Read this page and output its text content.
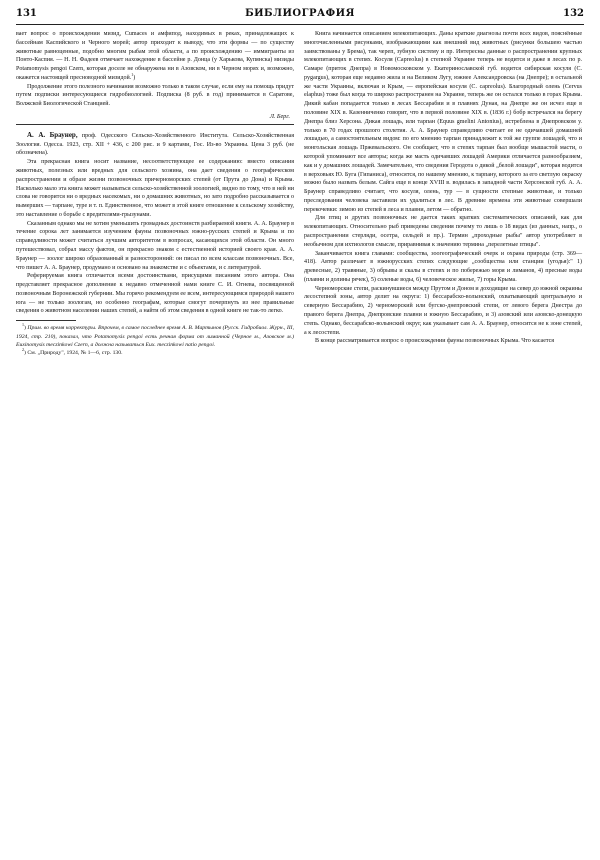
131	БИБЛИОГРАФИЯ	132

вает вопрос о происхождении мизид, Cumaces и амфипод, находимых в реках, принадлежащих к бассейнам Каспийского и Черного морей; автор приходит к выводу, что эти формы — по существу животные равноценные, подобно многим рыбам этой области, а по происхождению — иммигранты из Понто-Каспия. — Н. Н. Фадеев отмечает нахождение в бассейне р. Донца (у Харькова, Купянска) мизиды Potamomysis pengoi Czern, которая доселе не обнаружена ни в Азовском, ни в Черном морях и, возможно, окажется настоящей пресноводной мизидой.$^1$)

Продолжение этого полезного начинания возможно только в таком случае, если ему на помощь придут путем подписки интересующиеся гидробиологией. Подписка (8 руб. в год) принимается в Саратове, Волжской Биологической Станцией.

Л. Берг.

А. А. Браунер, проф. Одесского Сельско-Хозяйственного Института. Сельско-Хозяйственная Зоология. Одесса. 1923, стр. XII + 436, с 200 рис. и 9 картами, Гос. Из-во Украины. Цена 3 руб. (не обозначена).

Эта прекрасная книга носит название, несоответствующее ее содержанию: вместо описания животных, полезных или вредных для сельского хозяина, она дает сведения о географическом распространении и образе жизни позвоночных причерноморских степей (от Прута до Дона) и Крыма. Насколько мало эта книга может называться сельско-хозяйственной зоологией, видно по тому, что в ней ни слова не говорится ни о вредных насекомых, ни о домашних животных, но зато подробно рассказывается о вымерших — тарпане, туре и т. п. Единственное, что может в этой книге отношение к сельскому хозяйству, это наставление о борьбе с вредителями-грызунами.

Сказанным однако мы не хотим уменьшить громадных достоинств разбираемой книги. А. А. Браунер в течение сорока лет занимается изучением фауны позвоночных южно-русских степей и Крыма и по справедливости может считаться лучшим авторитетом в вопросах, касающихся этой области. Он много путешествовал, собрал массу фактов, он прекрасно знаком с естественной историей своего края. А. А. Браунер — зоолог широко образованный и разносторонний: он писал по всем классам позвоночных. Все, что пишет А. А. Браунер, продумано и основано на знакомстве и с объектами, и с литературой.

Реферируемая книга отличается всеми достоинствами, присущими писаниям этого автора. Она представляет прекрасное дополнение к недавно отмеченной нами книге С. И. Огнева, посвященной позвоночным Воронежской губернии. Мы горячо рекомендуем ее всем, интересующимся природой нашего юга — не только зоологам, но особенно географам, которые смогут почерпнуть из нее правильные сведения о животном населении наших степей, а найти об этом сведения в одной книге не так-то легко.

$^1$) Прим. во время корректуры. Впрочем, в самое последнее время А. В. Мартынов (Русск. Гидробиол. Журн., III, 1924, стр. 210), показал, что Potamomysis pengoi есть речная форма от лиманной (Черное м., Азовское м.) Euxinomysis meczinkowi Czern, а должна называться Eux. meczinkowi natio pengoi.

$^2$) См. „Природу", 1924, № 1—6, стр. 130.

Книга начинается описанием млекопитающих. Даны краткие диагнозы почти всех видов, пояснённые многочисленными рисунками, изображающими как внешний вид животных (рисунки большею частью заимствованы у Брема), так череп, зубную систему и пр. Интересны данные о распространении крупных млекопитающих в степях. Косуля (Capreolus) в степной Украине теперь не водится и даже в лесах по р. Самаре (приток Днепра) в Новомосковском у. Екатеринославской губ. водится сибирская косуля (C. pygargus), которая еще недавно жила и на Великом Лугу, южнее Александровска (на Днепре); в остальной же части Украины, включая и Крым, — европейская косуля (C. capreolus). Благородный олень (Cervus elaphus) тоже был когда то широко распространен на Украине, теперь же он остался только в горах Крыма. Дикий кабан попадается только в лесах Бессарабии и в плавнях Дуная, на Днепре же он исчез еще в половине XIX в. Казенниченко говорит, что в первой половине XIX в. (1836 г.) бобр встречался на берегу Днепра близ Херсона. Дикая лошадь, или тарпан (Equus gmelini Antonius), истреблена в Днепровском у. только в 70 годах прошлого столетия. А. А. Браунер справедливо считает ее не одичавшей домашней лошадью, а самостоятельным видом: по его мнению тарпан принадлежит к той же группе лошадей, что и монгольская лошадь Пржевальского. Он сообщает, что в степях тарпан был вообще мышастой масти, о которой упоминают все авторы; когда же масть одичавших лошадей Америки отличается разнообразием, как и у домашних лошадей. Замечательно, что сведения Геродота о дикой „белой лошади", которая водится в верховьях Ю. Буга (Гипаниса), относятся, по нашему мнению, к тарпану, которого за его светлую окраску можно было назвать белым. Сайга еще в конце XVIII в. водилась в западной части Херсонской губ. А. А. Браунер справедливо считает, что косуля, олень, тур — в сущности степные животные, и только преследования человека заставили их удалиться в лес. В древние времена эти животные совершали перекочевки: зимою из степей в леса и плавни, летом — обратно.

Для птиц и других позвоночных не дается таких кратких систематических описаний, как для млекопитающих. Относительно рыб приведены сведения почему то лишь о 18 видах (из данных, напр., о распространении стерляди, осетра, сельдей и пр.). Термин „проходные рыбы" автор употребляет в необычном для ихтиологов смысле, приравнивая к значению термина „перелетные птицы".

Заканчивается книга главами: сообщества, зоогеографический очерк и охрана природы (стр. 369—418). Автор различает в южнорусских степях следующие „сообщества или станции (угодья):" 1) древесные, 2) травяные, 3) обрывы и скалы в степях и по побережью моря и лиманов, 4) пресные воды (плавни и долины речек), 5) соленые воды, 6) человеческое жилье, 7) горы Крыма.

Черноморские степи, раскинувшиеся между Прутом и Доном и доходящие на север до южной окраины лесостепной зоны, автор делит на округа: 1) бессарабско-волынский, охватывающий центральную и северную Бессарабию, 2) черноморский или бугско-днепровский степи, от левого берега Днестра до правого берега Днепра, Днепровские плавни и южную Бессарабию, и 3) азовский или азовско-донецкую степь. Однако, бессарабско-волынский округ, как указывает сам А. А. Браунер, относится не к зоне степей, а к лесостепи.

В конце рассматривается вопрос о происхождении фауны позвоночных Крыма. Что касается
